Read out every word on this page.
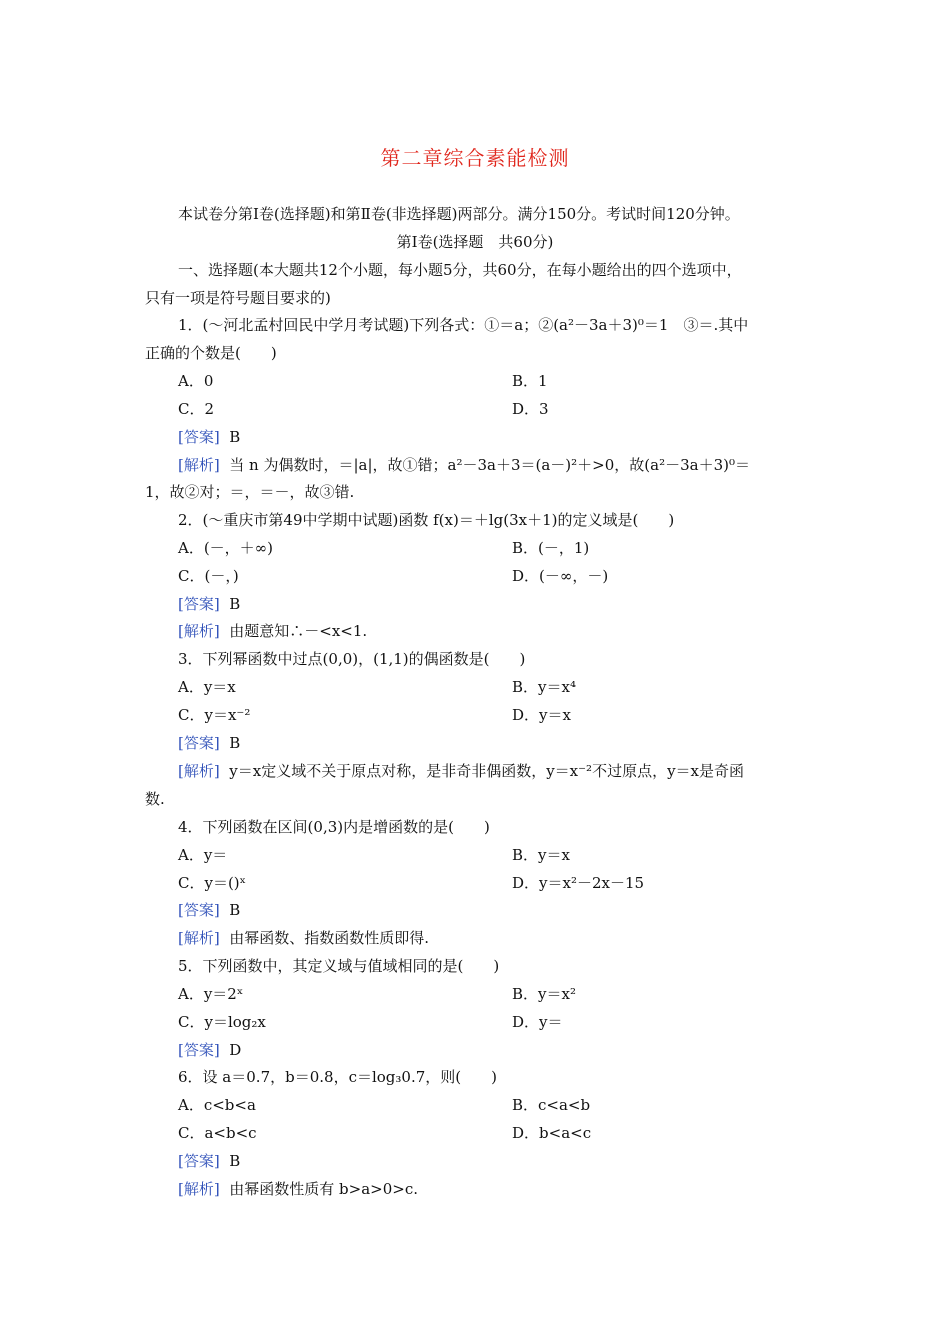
第二章综合素能检测
本试卷分第Ⅰ卷(选择题)和第Ⅱ卷(非选择题)两部分。满分150分。考试时间120分钟。
第Ⅰ卷(选择题　共60分)
一、选择题(本大题共12个小题，每小题5分，共60分，在每小题给出的四个选项中，
只有一项是符号题目要求的)
1．(～河北孟村回民中学月考试题)下列各式：①＝a；②(a²－3a＋3)⁰＝1　③＝.其中
正确的个数是(　　)
A．0	B．1
C．2	D．3
[答案] B
[解析] 当 n 为偶数时，＝|a|，故①错；a²－3a＋3＝(a－)²＋>0，故(a²－3a＋3)⁰＝
1，故②对；＝，＝－，故③错.
2．(～重庆市第49中学期中试题)函数 f(x)＝＋lg(3x＋1)的定义域是(　　)
A．(－，＋∞)	B．(－，1)
C．(－，)	D．(－∞，－)
[答案] B
[解析] 由题意知∴－<x<1.
3．下列幂函数中过点(0,0)，(1,1)的偶函数是(　　)
A．y＝x	B．y＝x⁴
C．y＝x⁻²	D．y＝x
[答案] B
[解析] y＝x定义域不关于原点对称，是非奇非偶函数，y＝x⁻²不过原点，y＝x是奇函
数.
4．下列函数在区间(0,3)内是增函数的是(　　)
A．y＝	B．y＝x
C．y＝()ˣ	D．y＝x²－2x－15
[答案] B
[解析] 由幂函数、指数函数性质即得.
5．下列函数中，其定义域与值域相同的是(　　)
A．y＝2ˣ	B．y＝x²
C．y＝log₂x	D．y＝
[答案] D
6．设 a＝0.7，b＝0.8，c＝log₃0.7，则(　　)
A．c<b<a	B．c<a<b
C．a<b<c	D．b<a<c
[答案] B
[解析] 由幂函数性质有 b>a>0>c.
